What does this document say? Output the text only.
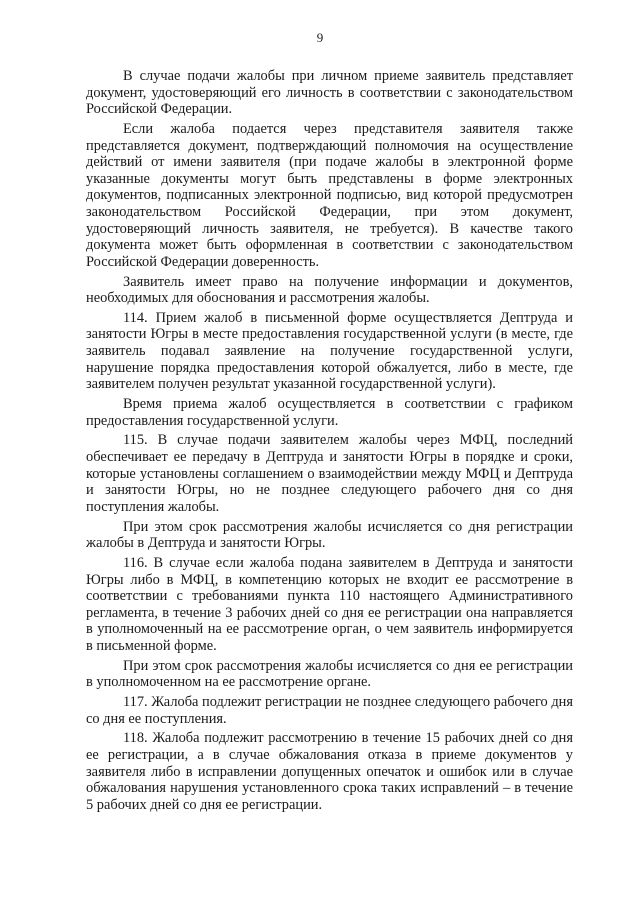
9

В случае подачи жалобы при личном приеме заявитель представляет документ, удостоверяющий его личность в соответствии с законодательством Российской Федерации.

Если жалоба подается через представителя заявителя также представляется документ, подтверждающий полномочия на осуществление действий от имени заявителя (при подаче жалобы в электронной форме указанные документы могут быть представлены в форме электронных документов, подписанных электронной подписью, вид которой предусмотрен законодательством Российской Федерации, при этом документ, удостоверяющий личность заявителя, не требуется). В качестве такого документа может быть оформленная в соответствии с законодательством Российской Федерации доверенность.

Заявитель имеет право на получение информации и документов, необходимых для обоснования и рассмотрения жалобы.

114. Прием жалоб в письменной форме осуществляется Дептруда и занятости Югры в месте предоставления государственной услуги (в месте, где заявитель подавал заявление на получение государственной услуги, нарушение порядка предоставления которой обжалуется, либо в месте, где заявителем получен результат указанной государственной услуги).

Время приема жалоб осуществляется в соответствии с графиком предоставления государственной услуги.

115. В случае подачи заявителем жалобы через МФЦ, последний обеспечивает ее передачу в Дептруда и занятости Югры в порядке и сроки, которые установлены соглашением о взаимодействии между МФЦ и Дептруда и занятости Югры, но не позднее следующего рабочего дня со дня поступления жалобы.

При этом срок рассмотрения жалобы исчисляется со дня регистрации жалобы в Дептруда и занятости Югры.

116. В случае если жалоба подана заявителем в Дептруда и занятости Югры либо в МФЦ, в компетенцию которых не входит ее рассмотрение в соответствии с требованиями пункта 110 настоящего Административного регламента, в течение 3 рабочих дней со дня ее регистрации она направляется в уполномоченный на ее рассмотрение орган, о чем заявитель информируется в письменной форме.

При этом срок рассмотрения жалобы исчисляется со дня ее регистрации в уполномоченном на ее рассмотрение органе.

117. Жалоба подлежит регистрации не позднее следующего рабочего дня со дня ее поступления.

118. Жалоба подлежит рассмотрению в течение 15 рабочих дней со дня ее регистрации, а в случае обжалования отказа в приеме документов у заявителя либо в исправлении допущенных опечаток и ошибок или в случае обжалования нарушения установленного срока таких исправлений – в течение 5 рабочих дней со дня ее регистрации.
